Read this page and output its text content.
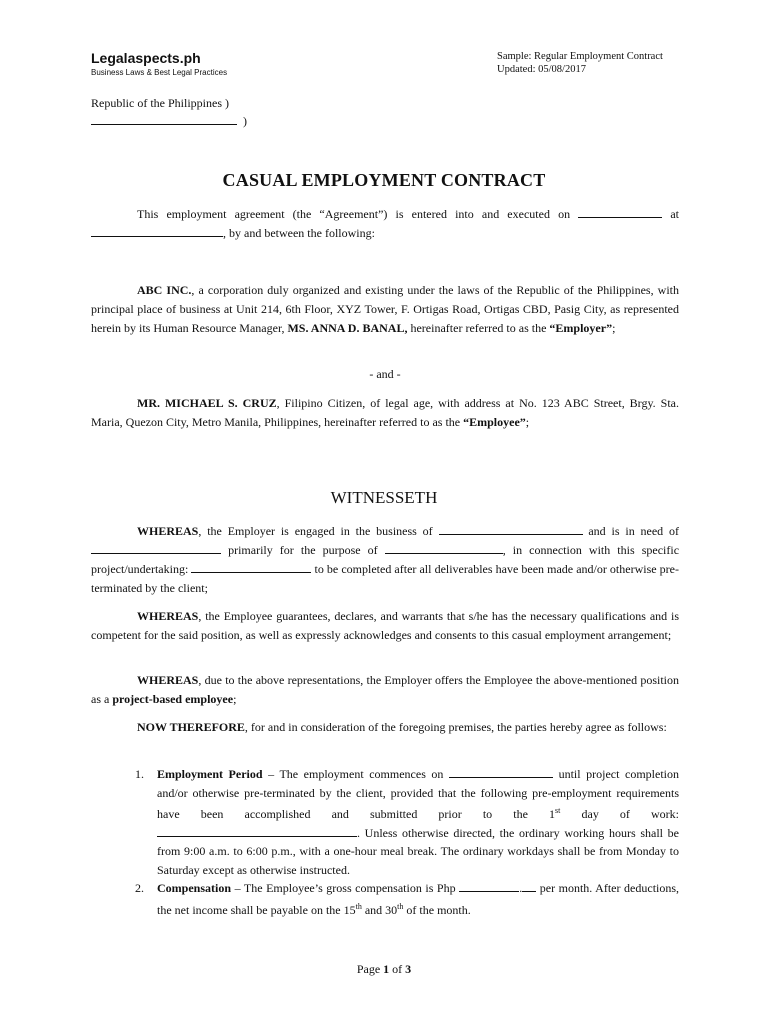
Legalaspects.ph
Business Laws & Best Legal Practices
Sample: Regular Employment Contract
Updated: 05/08/2017
Republic of the Philippines )
)
CASUAL EMPLOYMENT CONTRACT
This employment agreement (the “Agreement”) is entered into and executed on	at , by and between the following:
ABC INC., a corporation duly organized and existing under the laws of the Republic of the Philippines, with principal place of business at Unit 214, 6th Floor, XYZ Tower, F. Ortigas Road, Ortigas CBD, Pasig City, as represented herein by its Human Resource Manager, MS. ANNA D. BANAL, hereinafter referred to as the “Employer”;
- and -
MR. MICHAEL S. CRUZ, Filipino Citizen, of legal age, with address at No. 123 ABC Street, Brgy. Sta. Maria, Quezon City, Metro Manila, Philippines, hereinafter referred to as the “Employee”;
WITNESSETH
WHEREAS, the Employer is engaged in the business of	and is in need of  primarily for the purpose of	, in connection with this specific project/undertaking:	to be completed after all deliverables have been made and/or otherwise pre-terminated by the client;
WHEREAS, the Employee guarantees, declares, and warrants that s/he has the necessary qualifications and is competent for the said position, as well as expressly acknowledges and consents to this casual employment arrangement;
WHEREAS, due to the above representations, the Employer offers the Employee the above-mentioned position as a project-based employee;
NOW THEREFORE, for and in consideration of the foregoing premises, the parties hereby agree as follows:
1.	Employment Period – The employment commences on	until project completion and/or otherwise pre-terminated by the client, provided that the following pre-employment requirements have been accomplished and submitted prior to the 1st day of work: . Unless otherwise directed, the ordinary working hours shall be from 9:00 a.m. to 6:00 p.m., with a one-hour meal break. The ordinary workdays shall be from Monday to Saturday except as otherwise instructed.
2.	Compensation – The Employee’s gross compensation is Php	. per month. After deductions, the net income shall be payable on the 15th and 30th of the month.
Page 1 of 3
